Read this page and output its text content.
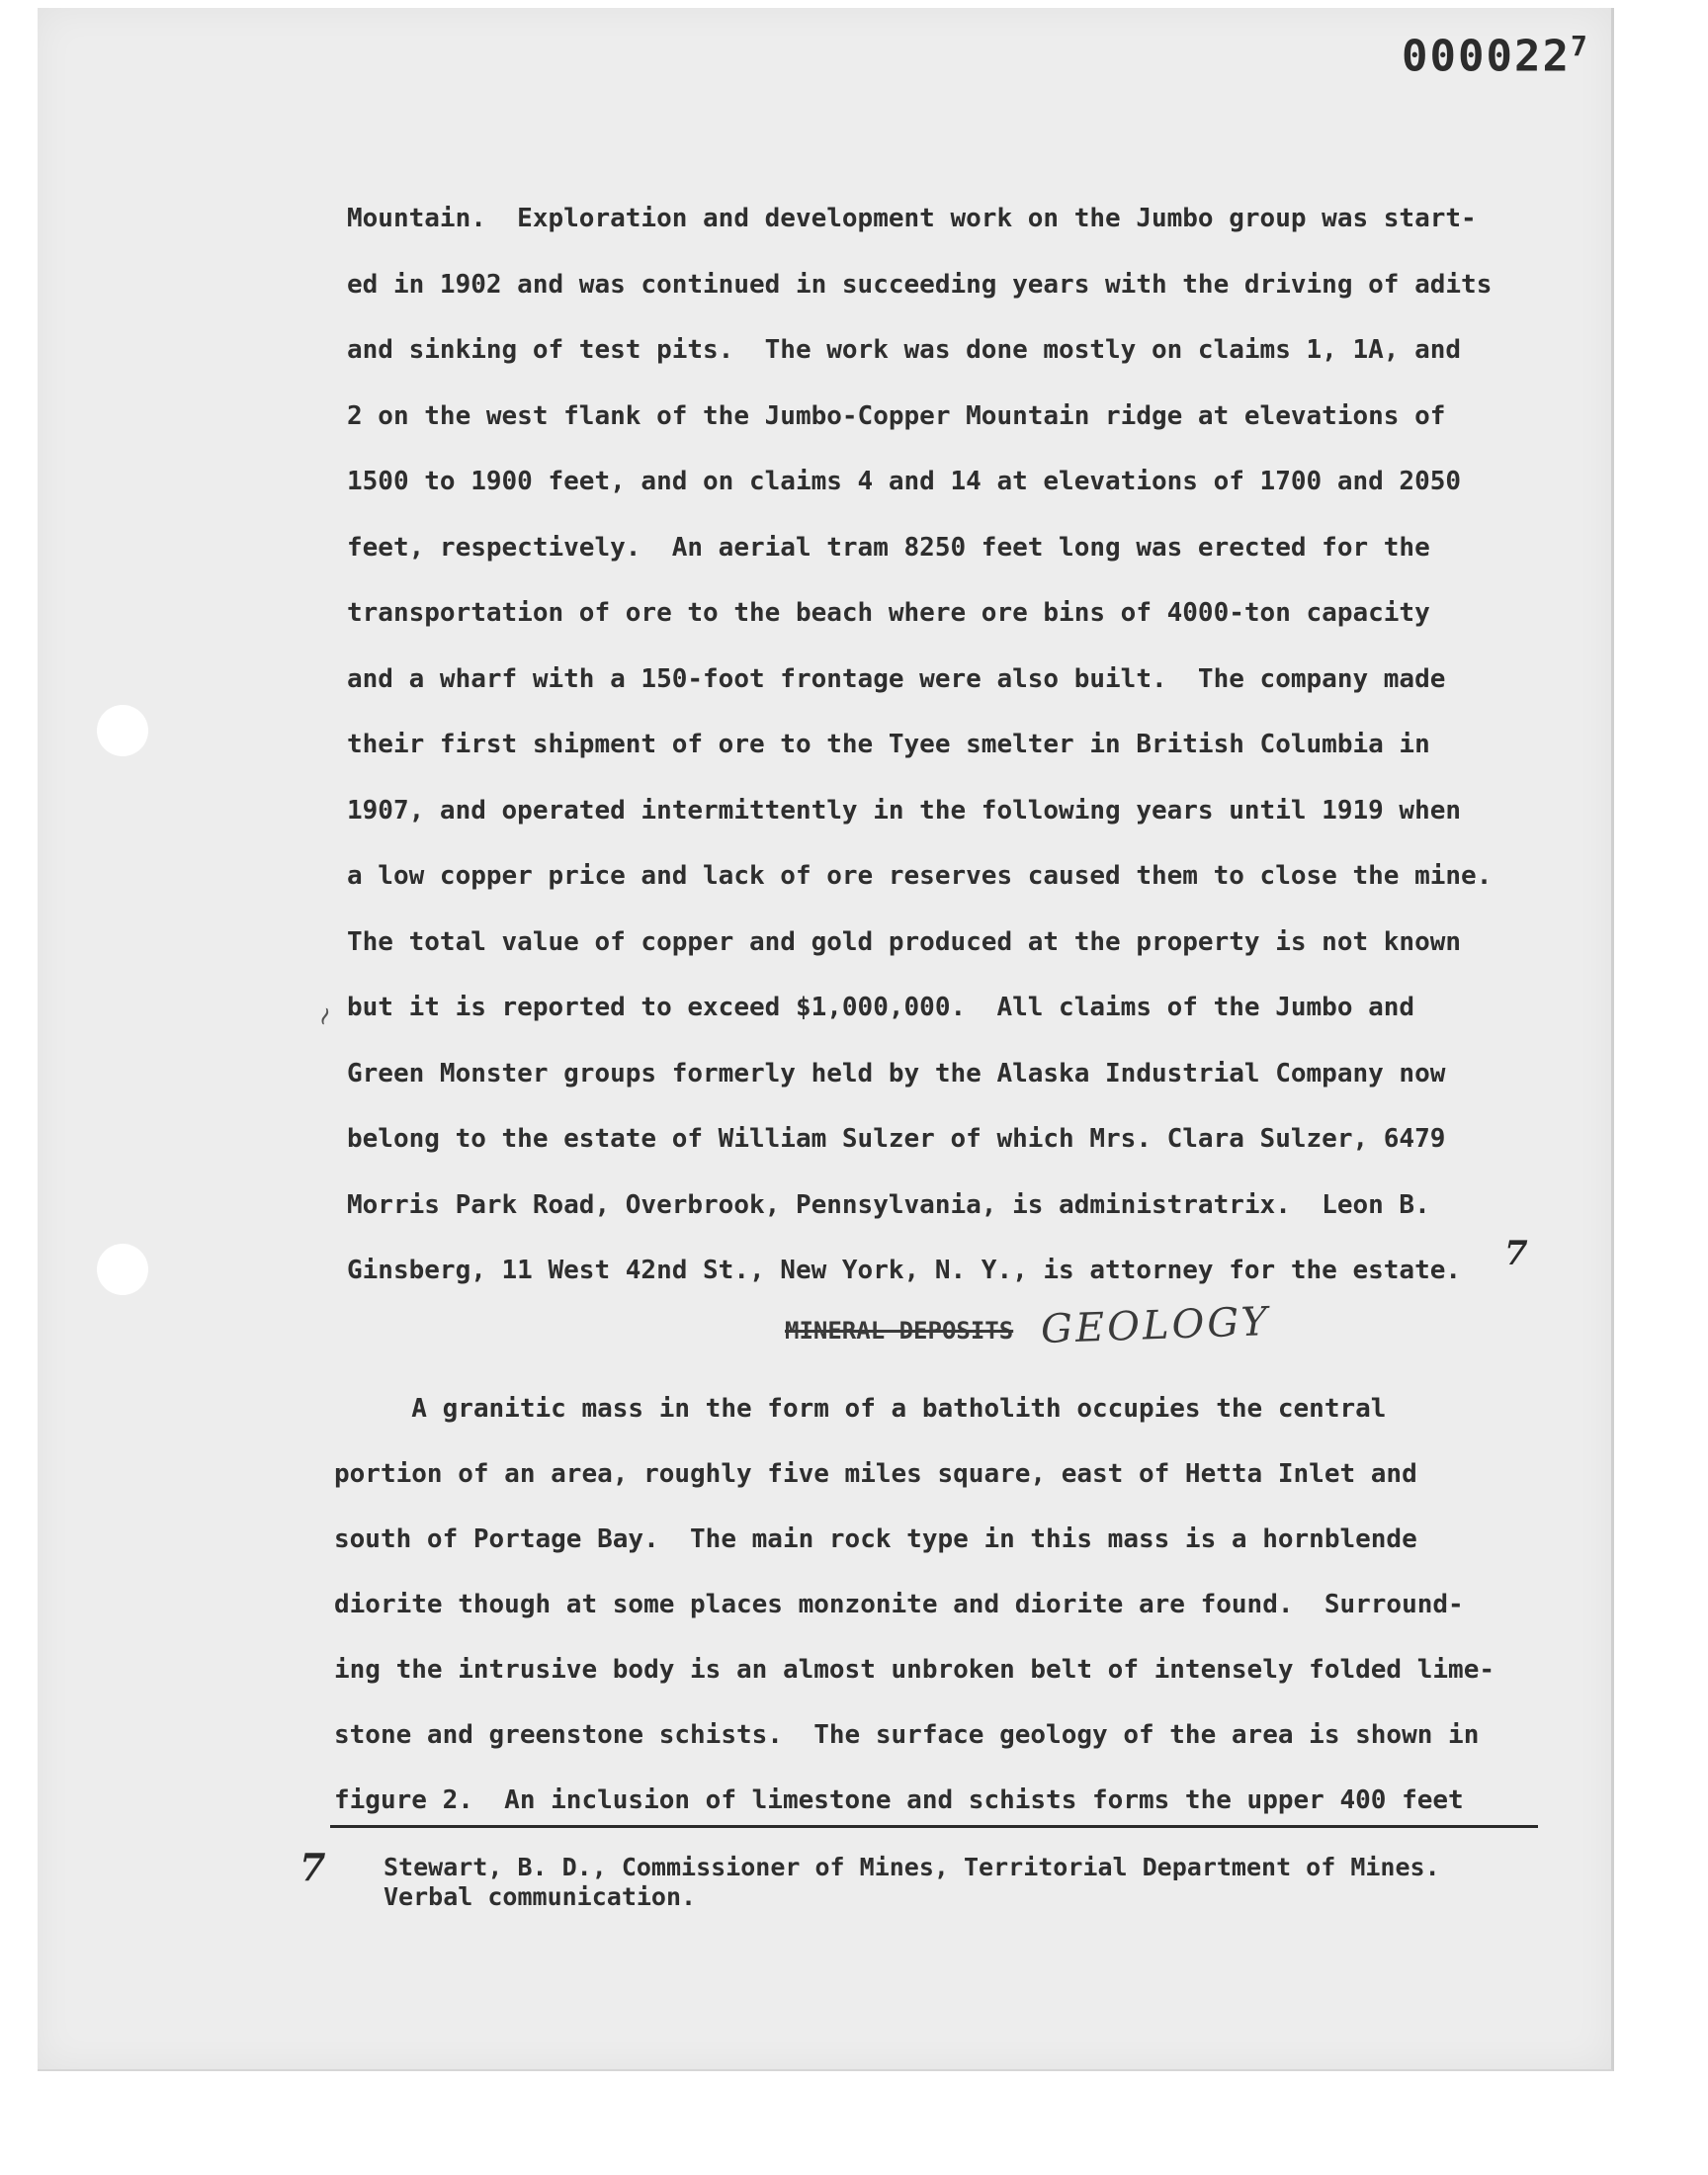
000022$^7$
Mountain.  Exploration and development work on the Jumbo group was start-
ed in 1902 and was continued in succeeding years with the driving of adits
and sinking of test pits.  The work was done mostly on claims 1, 1A, and
2 on the west flank of the Jumbo-Copper Mountain ridge at elevations of
1500 to 1900 feet, and on claims 4 and 14 at elevations of 1700 and 2050
feet, respectively.  An aerial tram 8250 feet long was erected for the
transportation of ore to the beach where ore bins of 4000-ton capacity
and a wharf with a 150-foot frontage were also built.  The company made
their first shipment of ore to the Tyee smelter in British Columbia in
1907, and operated intermittently in the following years until 1919 when
a low copper price and lack of ore reserves caused them to close the mine.
The total value of copper and gold produced at the property is not known
but it is reported to exceed $1,000,000.  All claims of the Jumbo and
Green Monster groups formerly held by the Alaska Industrial Company now
belong to the estate of William Sulzer of which Mrs. Clara Sulzer, 6479
Morris Park Road, Overbrook, Pennsylvania, is administratrix.  Leon B.
Ginsberg, 11 West 42nd St., New York, N. Y., is attorney for the estate.
~
7
MINERAL DEPOSITS GEOLOGY
A granitic mass in the form of a batholith occupies the central
portion of an area, roughly five miles square, east of Hetta Inlet and
south of Portage Bay.  The main rock type in this mass is a hornblende
diorite though at some places monzonite and diorite are found.  Surround-
ing the intrusive body is an almost unbroken belt of intensely folded lime-
stone and greenstone schists.  The surface geology of the area is shown in
figure 2.  An inclusion of limestone and schists forms the upper 400 feet
7 Stewart, B. D., Commissioner of Mines, Territorial Department of Mines.
Verbal communication.
